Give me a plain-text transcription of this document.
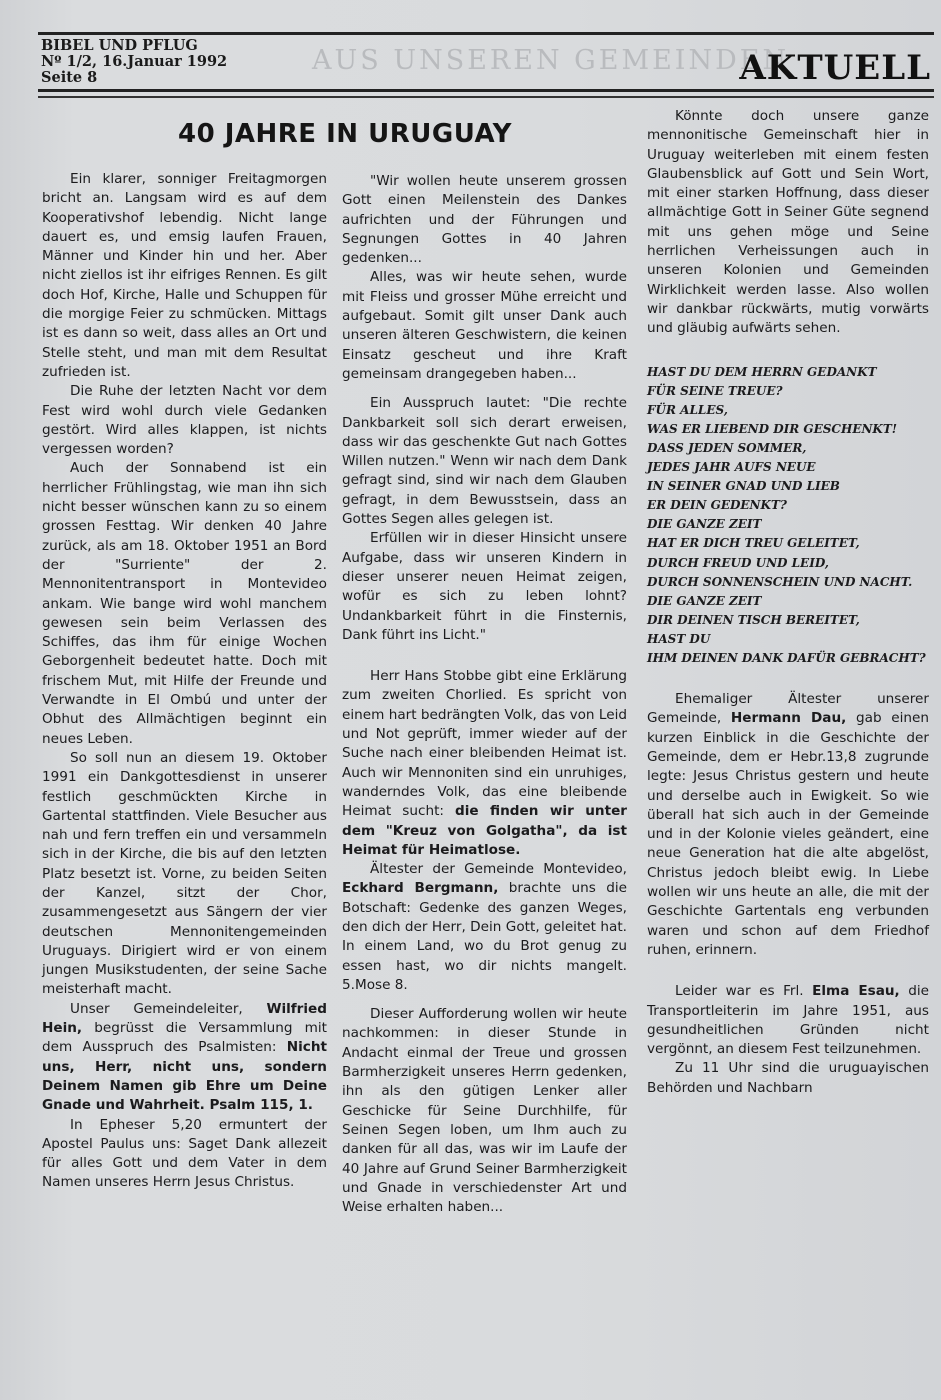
BIBEL UND PFLUG
Nº 1/2, 16.Januar 1992
Seite 8
AUS UNSEREN GEMEINDEN
AKTUELL
40 JAHRE IN URUGUAY

Ein klarer, sonniger Freitagmorgen bricht an. Langsam wird es auf dem Kooperativshof lebendig. Nicht lange dauert es, und emsig laufen Frauen, Männer und Kinder hin und her. Aber nicht ziellos ist ihr eifriges Rennen. Es gilt doch Hof, Kirche, Halle und Schuppen für die morgige Feier zu schmücken. Mittags ist es dann so weit, dass alles an Ort und Stelle steht, und man mit dem Resultat zufrieden ist.

Die Ruhe der letzten Nacht vor dem Fest wird wohl durch viele Gedanken gestört. Wird alles klappen, ist nichts vergessen worden?

Auch der Sonnabend ist ein herrlicher Frühlingstag, wie man ihn sich nicht besser wünschen kann zu so einem grossen Festtag. Wir denken 40 Jahre zurück, als am 18. Oktober 1951 an Bord der "Surriente" der 2. Mennonitentransport in Montevideo ankam. Wie bange wird wohl manchem gewesen sein beim Verlassen des Schiffes, das ihm für einige Wochen Geborgenheit bedeutet hatte. Doch mit frischem Mut, mit Hilfe der Freunde und Verwandte in El Ombú und unter der Obhut des Allmächtigen beginnt ein neues Leben.

So soll nun an diesem 19. Oktober 1991 ein Dankgottesdienst in unserer festlich geschmückten Kirche in Gartental stattfinden. Viele Besucher aus nah und fern treffen ein und versammeln sich in der Kirche, die bis auf den letzten Platz besetzt ist. Vorne, zu beiden Seiten der Kanzel, sitzt der Chor, zusammengesetzt aus Sängern der vier deutschen Mennonitengemeinden Uruguays. Dirigiert wird er von einem jungen Musikstudenten, der seine Sache meisterhaft macht.

Unser Gemeindeleiter, Wilfried Hein, begrüsst die Versammlung mit dem Ausspruch des Psalmisten: Nicht uns, Herr, nicht uns, sondern Deinem Namen gib Ehre um Deine Gnade und Wahrheit. Psalm 115, 1.

In Epheser 5,20 ermuntert der Apostel Paulus uns: Saget Dank allezeit für alles Gott und dem Vater in dem Namen unseres Herrn Jesus Christus.

"Wir wollen heute unserem grossen Gott einen Meilenstein des Dankes aufrichten und der Führungen und Segnungen Gottes in 40 Jahren gedenken...

Alles, was wir heute sehen, wurde mit Fleiss und grosser Mühe erreicht und aufgebaut. Somit gilt unser Dank auch unseren älteren Geschwistern, die keinen Einsatz gescheut und ihre Kraft gemeinsam drangegeben haben...

Ein Ausspruch lautet: "Die rechte Dankbarkeit soll sich derart erweisen, dass wir das geschenkte Gut nach Gottes Willen nutzen." Wenn wir nach dem Dank gefragt sind, sind wir nach dem Glauben gefragt, in dem Bewusstsein, dass an Gottes Segen alles gelegen ist.

Erfüllen wir in dieser Hinsicht unsere Aufgabe, dass wir unseren Kindern in dieser unserer neuen Heimat zeigen, wofür es sich zu leben lohnt? Undankbarkeit führt in die Finsternis, Dank führt ins Licht."

Herr Hans Stobbe gibt eine Erklärung zum zweiten Chorlied. Es spricht von einem hart bedrängten Volk, das von Leid und Not geprüft, immer wieder auf der Suche nach einer bleibenden Heimat ist. Auch wir Mennoniten sind ein unruhiges, wanderndes Volk, das eine bleibende Heimat sucht: die finden wir unter dem "Kreuz von Golgatha", da ist Heimat für Heimatlose.

Ältester der Gemeinde Montevideo, Eckhard Bergmann, brachte uns die Botschaft: Gedenke des ganzen Weges, den dich der Herr, Dein Gott, geleitet hat. In einem Land, wo du Brot genug zu essen hast, wo dir nichts mangelt. 5.Mose 8.

Dieser Aufforderung wollen wir heute nachkommen: in dieser Stunde in Andacht einmal der Treue und grossen Barmherzigkeit unseres Herrn gedenken, ihn als den gütigen Lenker aller Geschicke für Seine Durchhilfe, für Seinen Segen loben, um Ihm auch zu danken für all das, was wir im Laufe der 40 Jahre auf Grund Seiner Barmherzigkeit und Gnade in verschiedenster Art und Weise erhalten haben...

Könnte doch unsere ganze mennonitische Gemeinschaft hier in Uruguay weiterleben mit einem festen Glaubensblick auf Gott und Sein Wort, mit einer starken Hoffnung, dass dieser allmächtige Gott in Seiner Güte segnend mit uns gehen möge und Seine herrlichen Verheissungen auch in unseren Kolonien und Gemeinden Wirklichkeit werden lasse. Also wollen wir dankbar rückwärts, mutig vorwärts und gläubig aufwärts sehen.

HAST DU DEM HERRN GEDANKT
FÜR SEINE TREUE?
FÜR ALLES,
WAS ER LIEBEND DIR GESCHENKT!
DASS JEDEN SOMMER,
JEDES JAHR AUFS NEUE
IN SEINER GNAD UND LIEB
ER DEIN GEDENKT?
DIE GANZE ZEIT
HAT ER DICH TREU GELEITET,
DURCH FREUD UND LEID,
DURCH SONNENSCHEIN UND NACHT.
DIE GANZE ZEIT
DIR DEINEN TISCH BEREITET,
HAST DU
IHM DEINEN DANK DAFÜR GEBRACHT?

Ehemaliger Ältester unserer Gemeinde, Hermann Dau, gab einen kurzen Einblick in die Geschichte der Gemeinde, dem er Hebr.13,8 zugrunde legte: Jesus Christus gestern und heute und derselbe auch in Ewigkeit. So wie überall hat sich auch in der Gemeinde und in der Kolonie vieles geändert, eine neue Generation hat die alte abgelöst, Christus jedoch bleibt ewig. In Liebe wollen wir uns heute an alle, die mit der Geschichte Gartentals eng verbunden waren und schon auf dem Friedhof ruhen, erinnern.

Leider war es Frl. Elma Esau, die Transportleiterin im Jahre 1951, aus gesundheitlichen Gründen nicht vergönnt, an diesem Fest teilzunehmen.

Zu 11 Uhr sind die uruguayischen Behörden und Nachbarn
